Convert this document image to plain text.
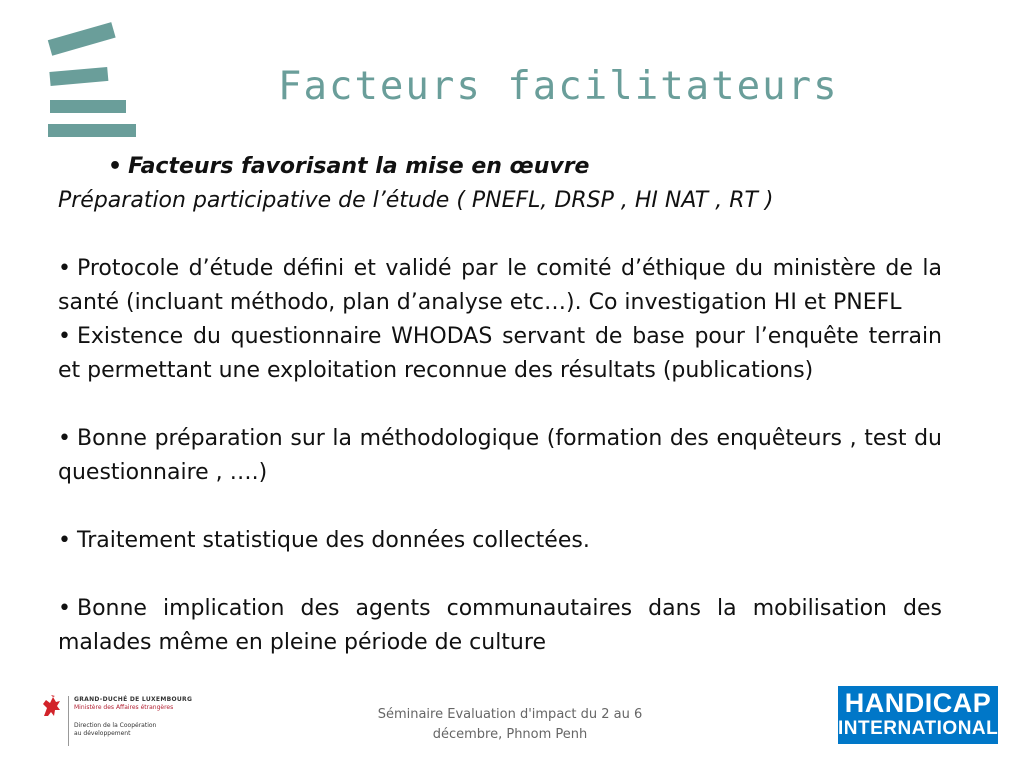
Facteurs facilitateurs

• Facteurs favorisant la mise en œuvre

Préparation participative de l’étude ( PNEFL, DRSP , HI NAT , RT )

• Protocole d’étude défini et validé par le comité d’éthique du ministère de la santé (incluant méthodo, plan d’analyse etc…). Co investigation HI et PNEFL

• Existence du questionnaire WHODAS servant de base pour l’enquête terrain et permettant une exploitation reconnue des résultats (publications)

• Bonne préparation sur la méthodologique (formation des enquêteurs , test du questionnaire , ….)

• Traitement statistique des données collectées.

• Bonne implication des agents communautaires dans la mobilisation des malades même en pleine période de culture

GRAND-DUCHÉ DE LUXEMBOURG
Ministère des Affaires étrangères
Direction de la Coopération
au développement
Séminaire Evaluation d'impact du 2 au 6
décembre, Phnom Penh
HANDICAP
INTERNATIONAL
